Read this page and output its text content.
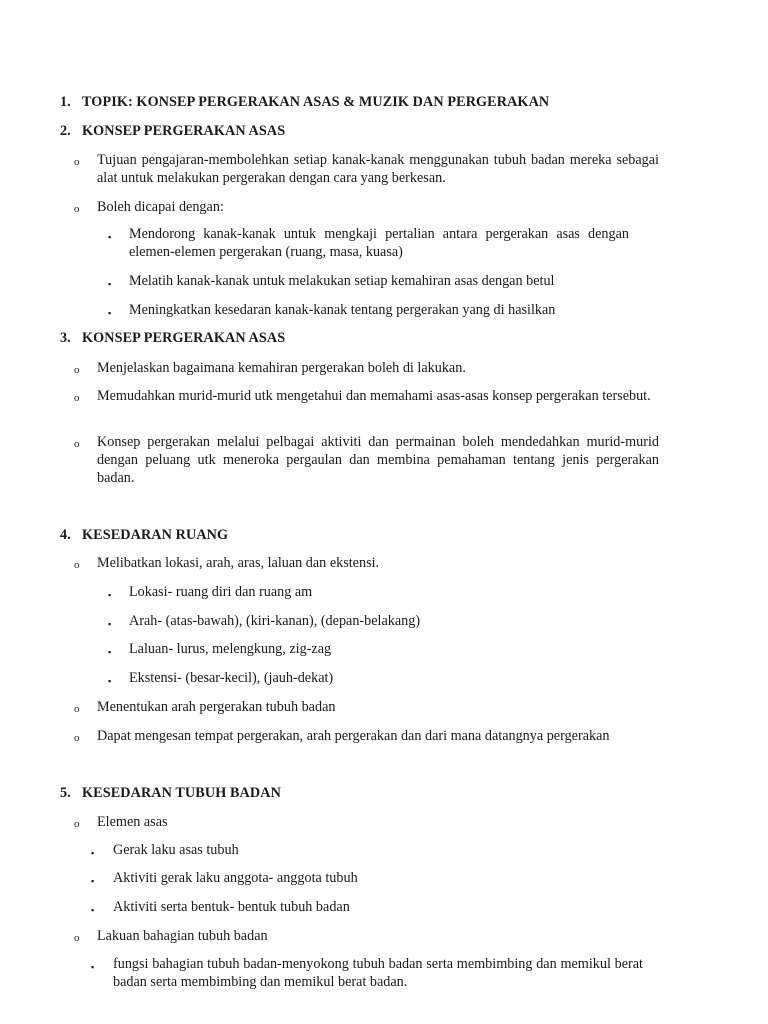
1. TOPIK: KONSEP PERGERAKAN ASAS & MUZIK DAN PERGERAKAN
2. KONSEP PERGERAKAN ASAS
o Tujuan pengajaran-membolehkan setiap kanak-kanak menggunakan tubuh badan mereka sebagai alat untuk melakukan pergerakan dengan cara yang berkesan.
o Boleh dicapai dengan:
▪ Mendorong kanak-kanak untuk mengkaji pertalian antara pergerakan asas dengan elemen-elemen pergerakan (ruang, masa, kuasa)
▪ Melatih kanak-kanak untuk melakukan setiap kemahiran asas dengan betul
▪ Meningkatkan kesedaran kanak-kanak tentang pergerakan yang di hasilkan
3. KONSEP PERGERAKAN ASAS
o Menjelaskan bagaimana kemahiran pergerakan boleh di lakukan.
o Memudahkan murid-murid utk mengetahui dan memahami asas-asas konsep pergerakan tersebut.
o Konsep pergerakan melalui pelbagai aktiviti dan permainan boleh mendedahkan murid-murid dengan peluang utk meneroka pergaulan dan membina pemahaman tentang jenis pergerakan badan.
4. KESEDARAN RUANG
o Melibatkan lokasi, arah, aras, laluan dan ekstensi.
▪ Lokasi- ruang diri dan ruang am
▪ Arah- (atas-bawah), (kiri-kanan), (depan-belakang)
▪ Laluan- lurus, melengkung, zig-zag
▪ Ekstensi- (besar-kecil), (jauh-dekat)
o Menentukan arah pergerakan tubuh badan
o Dapat mengesan tempat pergerakan, arah pergerakan dan dari mana datangnya pergerakan
5. KESEDARAN TUBUH BADAN
o Elemen asas
▪ Gerak laku asas tubuh
▪ Aktiviti gerak laku anggota- anggota tubuh
▪ Aktiviti serta bentuk- bentuk tubuh badan
o Lakuan bahagian tubuh badan
▪ fungsi bahagian tubuh badan-menyokong tubuh badan serta membimbing dan memikul berat badan serta membimbing dan memikul berat badan.
